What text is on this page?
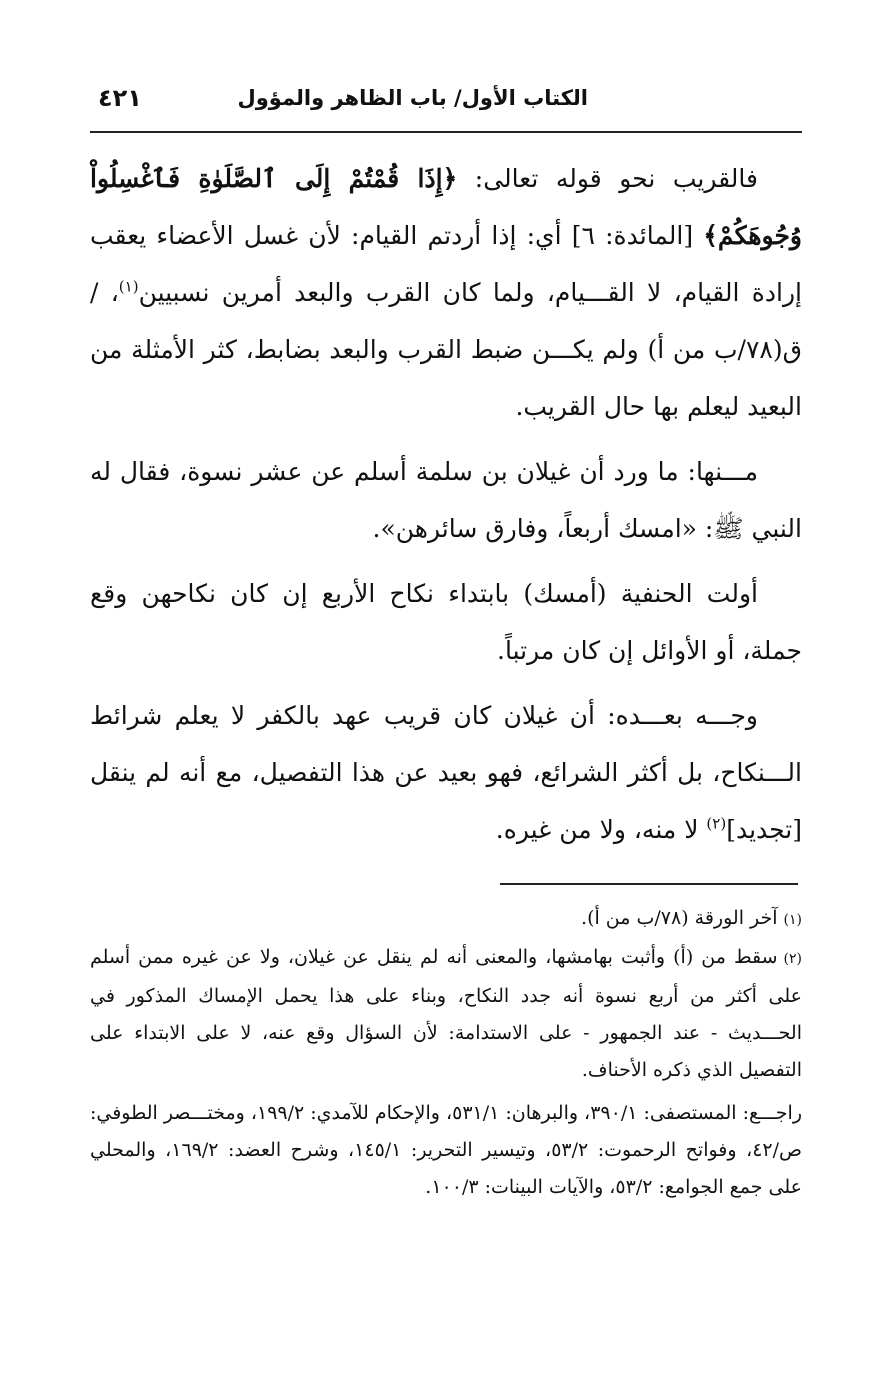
الكتاب الأول/ باب الظاهر والمؤول
٤٢١

فالقريب نحو قوله تعالى: ﴿إِذَا قُمْتُمْ إِلَى ٱلصَّلَوٰةِ فَٱغْسِلُواْ وُجُوهَكُمْ﴾ [المائدة: ٦] أي: إذا أردتم القيام: لأن غسل الأعضاء يعقب إرادة القيام، لا القـــيام، ولما كان القرب والبعد أمرين نسبيين$^{(١)}$، / ق(٧٨/ب من أ) ولم يكـــن ضبط القرب والبعد بضابط، كثر الأمثلة من البعيد ليعلم بها حال القريب.

مـــنها: ما ورد أن غيلان بن سلمة أسلم عن عشر نسوة، فقال له النبي ﷺ: «امسك أربعاً، وفارق سائرهن».

أولت الحنفية (أمسك) بابتداء نكاح الأربع إن كان نكاحهن وقع جملة، أو الأوائل إن كان مرتباً.

وجـــه بعـــده: أن غيلان كان قريب عهد بالكفر لا يعلم شرائط الـــنكاح، بل أكثر الشرائع، فهو بعيد عن هذا التفصيل، مع أنه لم ينقل [تجديد]$^{(٢)}$ لا منه، ولا من غيره.

(١)آخر الورقة (٧٨/ب من أ).

(٢)سقط من (أ) وأثبت بهامشها، والمعنى أنه لم ينقل عن غيلان، ولا عن غيره ممن أسلم على أكثر من أربع نسوة أنه جدد النكاح، وبناء على هذا يحمل الإمساك المذكور في الحـــديث - عند الجمهور - على الاستدامة: لأن السؤال وقع عنه، لا على الابتداء على التفصيل الذي ذكره الأحناف.

راجـــع: المستصفى: ٣٩٠/١، والبرهان: ٥٣١/١، والإحكام للآمدي: ١٩٩/٢، ومختـــصر الطوفي: ص/٤٢، وفواتح الرحموت: ٥٣/٢، وتيسير التحرير: ١٤٥/١، وشرح العضد: ١٦٩/٢، والمحلي على جمع الجوامع: ٥٣/٢، والآيات البينات: ١٠٠/٣.
